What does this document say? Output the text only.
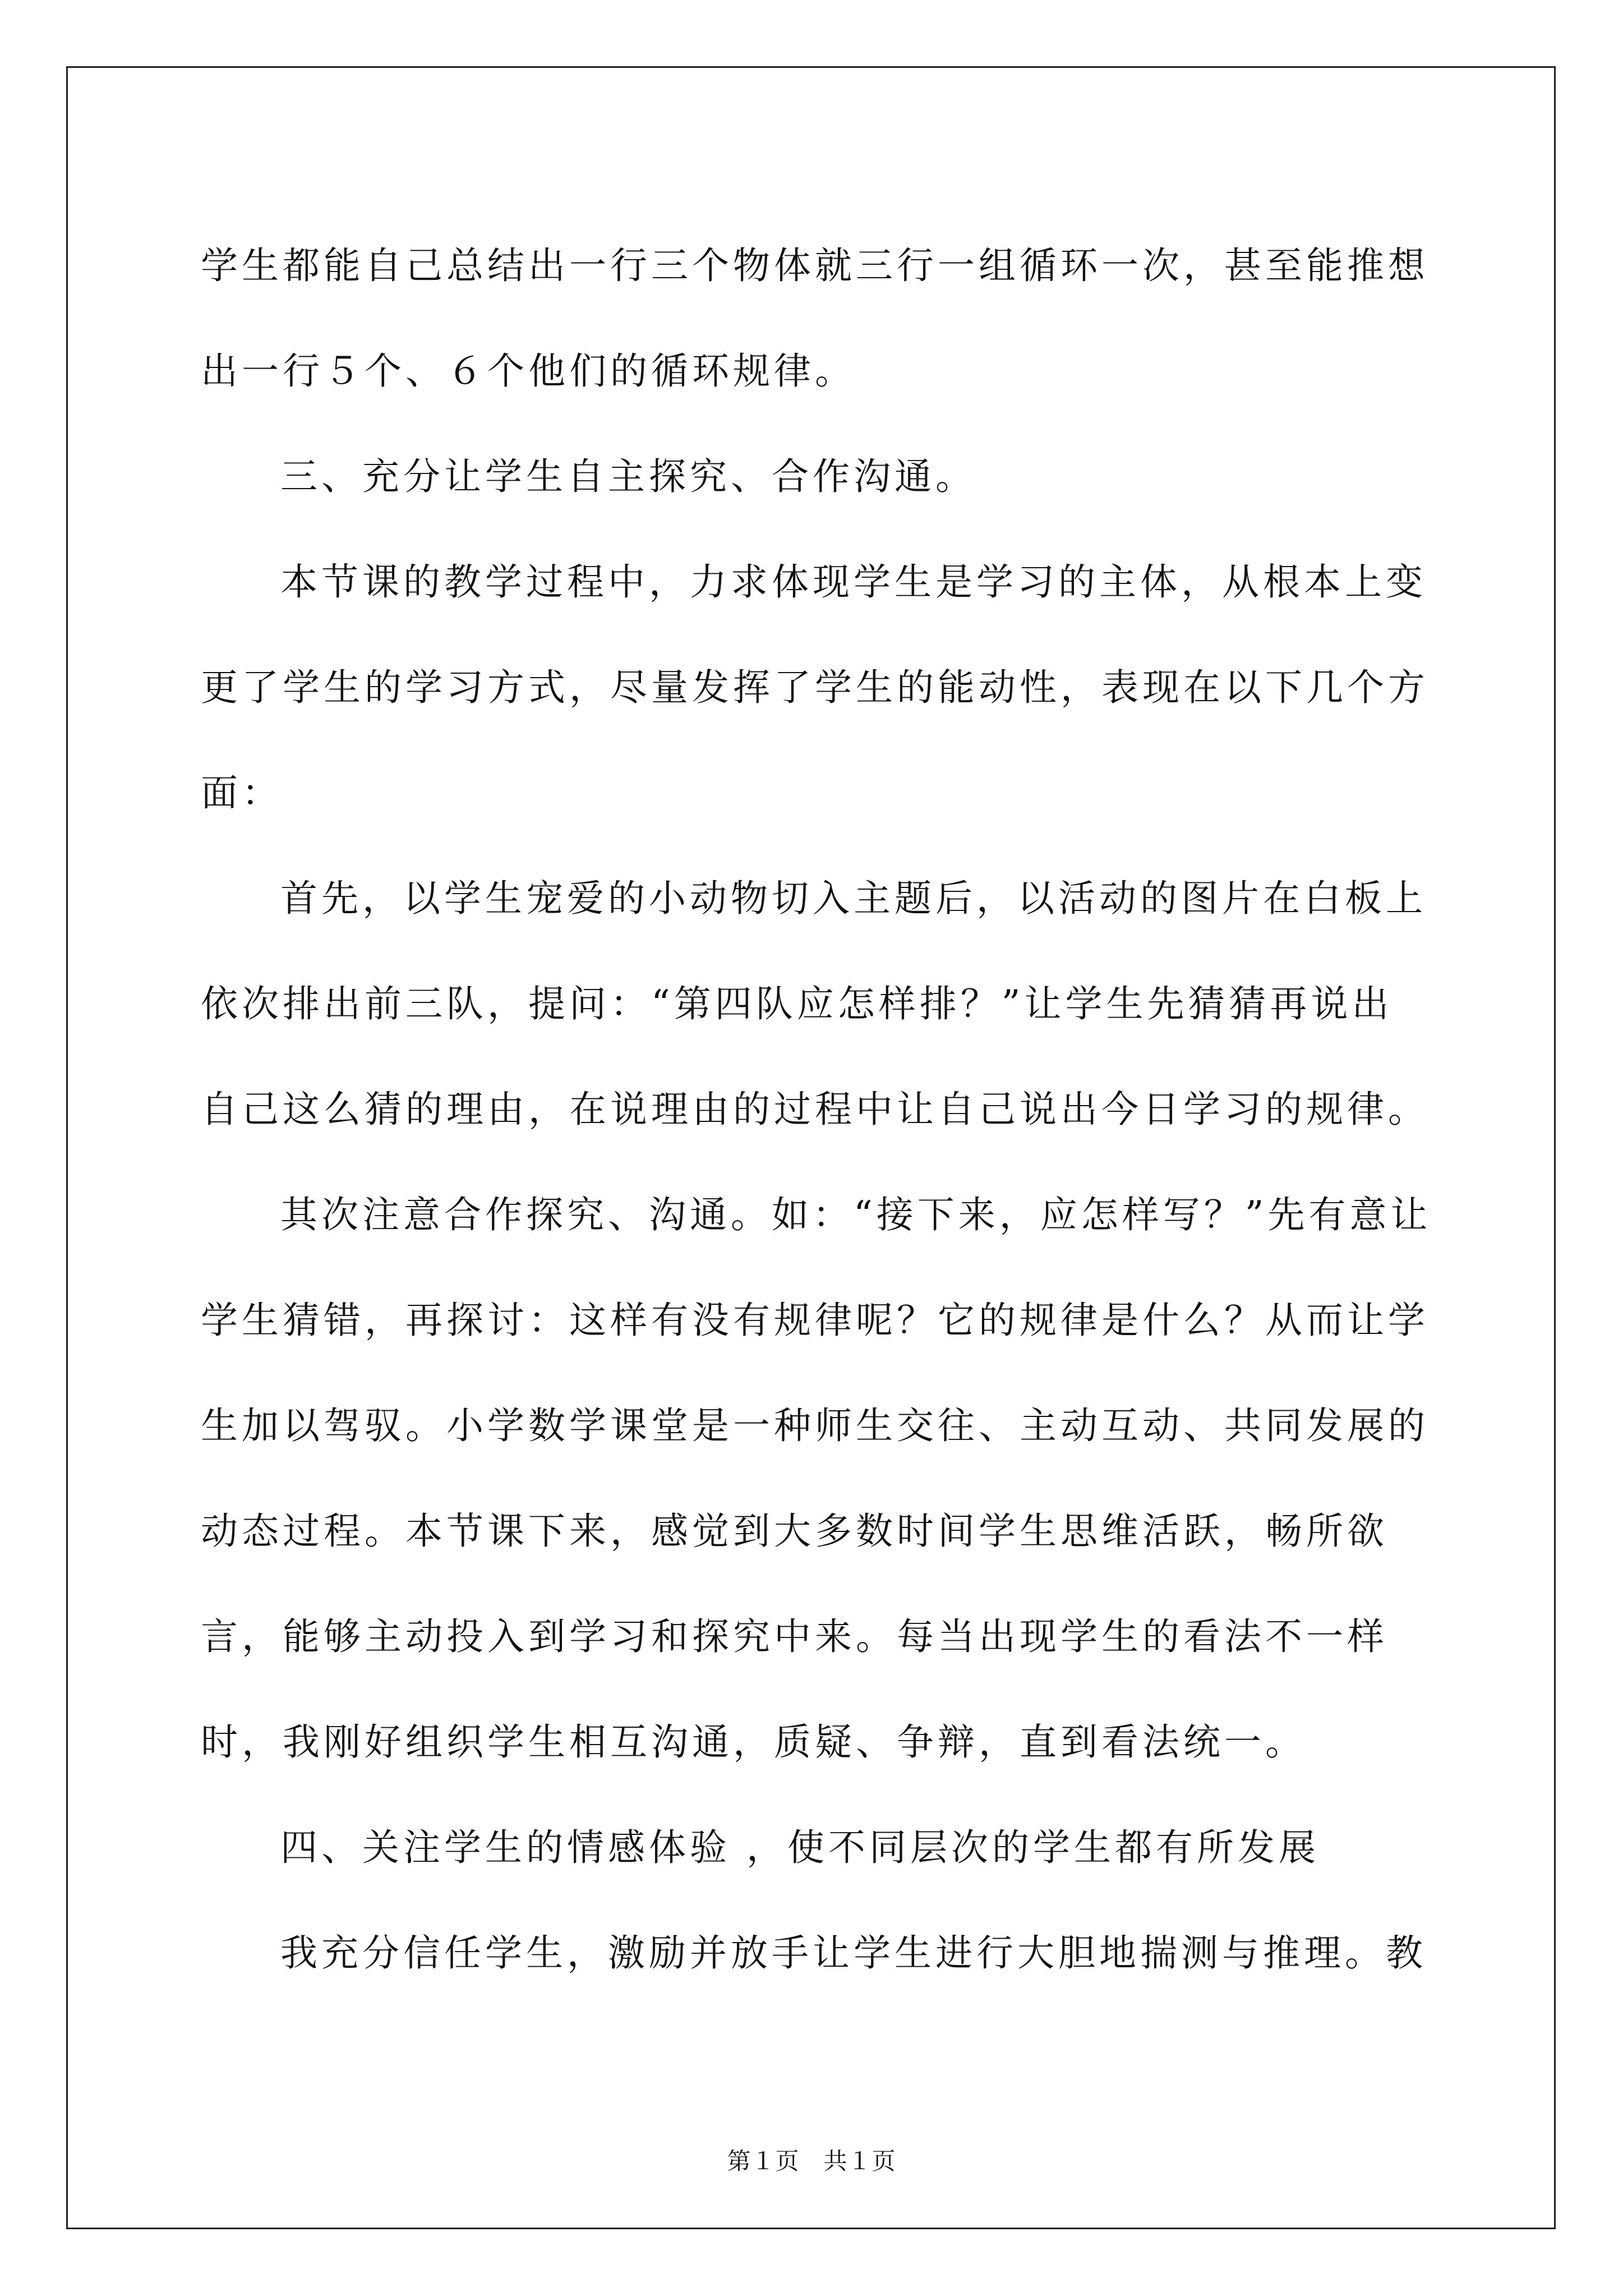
学生都能自己总结出一行三个物体就三行一组循环一次，甚至能推想出一行５个、６个他们的循环规律。

三、充分让学生自主探究、合作沟通。

本节课的教学过程中，力求体现学生是学习的主体，从根本上变更了学生的学习方式，尽量发挥了学生的能动性，表现在以下几个方面：

首先，以学生宠爱的小动物切入主题后，以活动的图片在白板上依次排出前三队，提问：“第四队应怎样排？”让学生先猜猜再说出自己这么猜的理由，在说理由的过程中让自己说出今日学习的规律。

其次注意合作探究、沟通。如：“接下来，应怎样写？”先有意让学生猜错，再探讨：这样有没有规律呢？它的规律是什么？从而让学生加以驾驭。小学数学课堂是一种师生交往、主动互动、共同发展的动态过程。本节课下来，感觉到大多数时间学生思维活跃，畅所欲言，能够主动投入到学习和探究中来。每当出现学生的看法不一样时，我刚好组织学生相互沟通，质疑、争辩，直到看法统一。

四、关注学生的情感体验 ，使不同层次的学生都有所发展

我充分信任学生，激励并放手让学生进行大胆地揣测与推理。教

第１页　共１页
